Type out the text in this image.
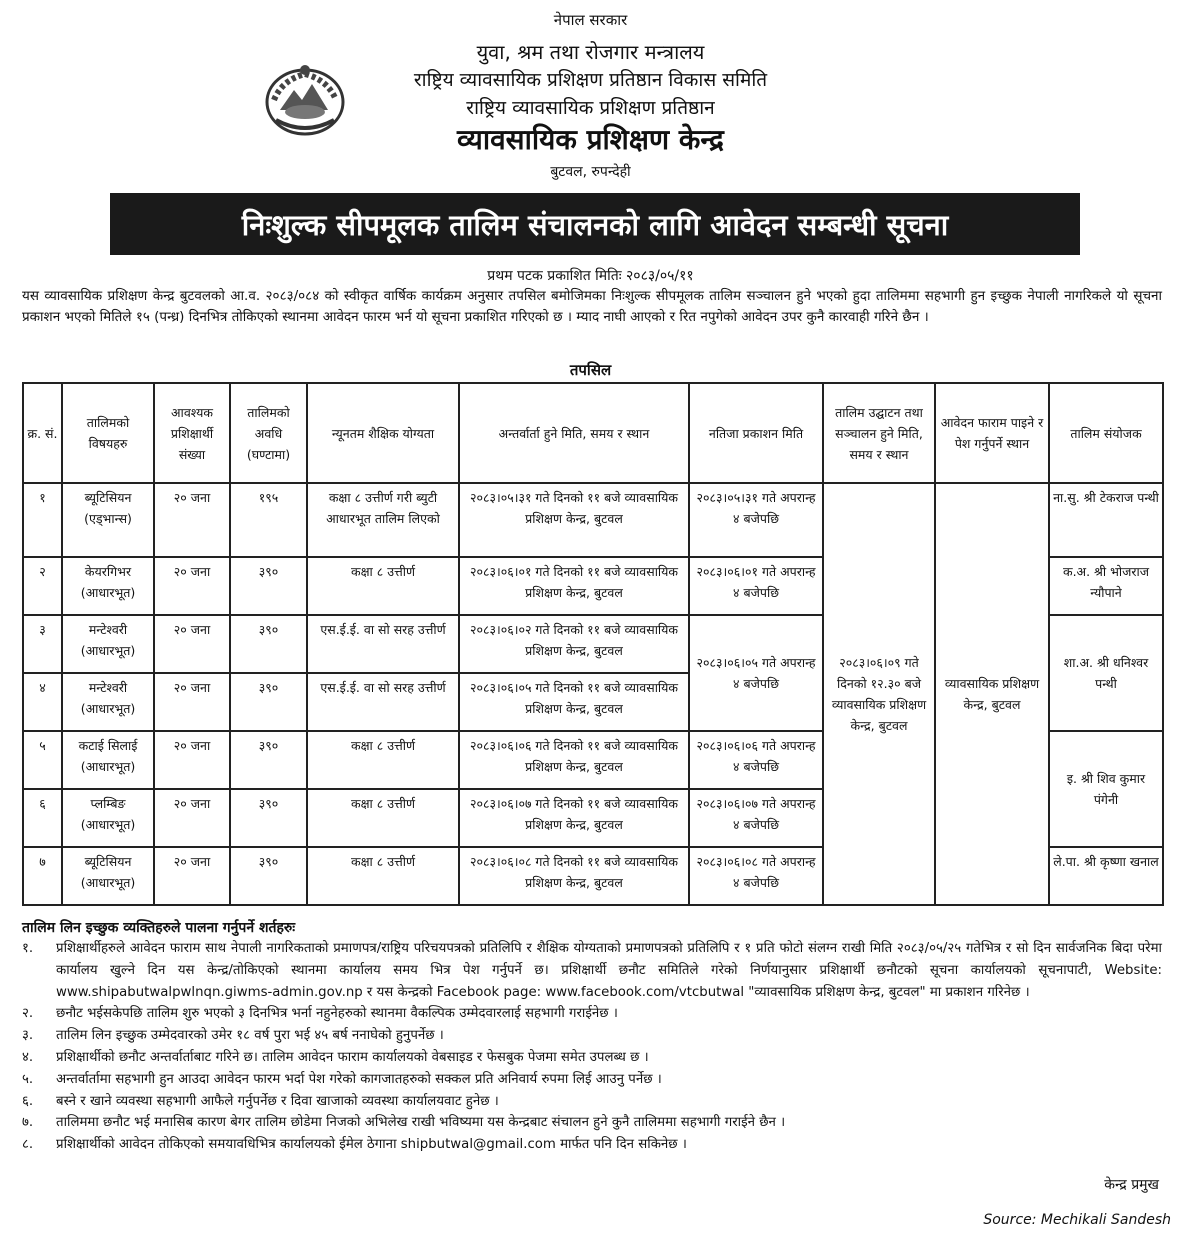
नेपाल सरकार
युवा, श्रम तथा रोजगार मन्त्रालय
राष्ट्रिय व्यावसायिक प्रशिक्षण प्रतिष्ठान विकास समिति
राष्ट्रिय व्यावसायिक प्रशिक्षण प्रतिष्ठान
व्यावसायिक प्रशिक्षण केन्द्र
बुटवल, रुपन्देही
निःशुल्क सीपमूलक तालिम संचालनको लागि आवेदन सम्बन्धी सूचना
प्रथम पटक प्रकाशित मितिः २०८३/०५/११
यस व्यावसायिक प्रशिक्षण केन्द्र बुटवलको आ.व. २०८३/०८४ को स्वीकृत वार्षिक कार्यक्रम अनुसार तपसिल बमोजिमका निःशुल्क सीपमूलक तालिम सञ्चालन हुने भएको हुदा तालिममा सहभागी हुन इच्छुक नेपाली नागरिकले यो सूचना प्रकाशन भएको मितिले १५ (पन्ध्र) दिनभित्र तोकिएको स्थानमा आवेदन फारम भर्न यो सूचना प्रकाशित गरिएको छ । म्याद नाघी आएको र रित नपुगेको आवेदन उपर कुनै कारवाही गरिने छैन ।
तपसिल
क्र. सं.	तालिमको विषयहरु	आवश्यक प्रशिक्षार्थी संख्या	तालिमको अवधि (घण्टामा)	न्यूनतम शैक्षिक योग्यता	अन्तर्वार्ता हुने मिति, समय र स्थान	नतिजा प्रकाशन मिति	तालिम उद्घाटन तथा सञ्चालन हुने मिति, समय र स्थान	आवेदन फाराम पाइने र पेश गर्नुपर्ने स्थान	तालिम संयोजक
१	ब्यूटिसियन (एड्भान्स)	२० जना	१९५	कक्षा ८ उत्तीर्ण गरी ब्युटी आधारभूत तालिम लिएको	२०८३।०५।३१ गते दिनको ११ बजे व्यावसायिक प्रशिक्षण केन्द्र, बुटवल	२०८३।०५।३१ गते अपरान्ह ४ बजेपछि	२०८३।०६।०९ गते दिनको १२.३० बजे व्यावसायिक प्रशिक्षण केन्द्र, बुटवल	व्यावसायिक प्रशिक्षण केन्द्र, बुटवल	ना.सु. श्री टेकराज पन्थी
२	केयरगिभर (आधारभूत)	२० जना	३९०	कक्षा ८ उत्तीर्ण	२०८३।०६।०१ गते दिनको ११ बजे व्यावसायिक प्रशिक्षण केन्द्र, बुटवल	२०८३।०६।०१ गते अपरान्ह ४ बजेपछि			क.अ. श्री भोजराज न्यौपाने
३	मन्टेश्वरी (आधारभूत)	२० जना	३९०	एस.ई.ई. वा सो सरह उत्तीर्ण	२०८३।०६।०२ गते दिनको ११ बजे व्यावसायिक प्रशिक्षण केन्द्र, बुटवल	२०८३।०६।०५ गते अपरान्ह ४ बजेपछि			शा.अ. श्री धनिश्वर पन्थी
४	मन्टेश्वरी (आधारभूत)	२० जना	३९०	एस.ई.ई. वा सो सरह उत्तीर्ण	२०८३।०६।०५ गते दिनको ११ बजे व्यावसायिक प्रशिक्षण केन्द्र, बुटवल				
५	कटाई सिलाई (आधारभूत)	२० जना	३९०	कक्षा ८ उत्तीर्ण	२०८३।०६।०६ गते दिनको ११ बजे व्यावसायिक प्रशिक्षण केन्द्र, बुटवल	२०८३।०६।०६ गते अपरान्ह ४ बजेपछि			इ. श्री शिव कुमार पंगेनी
६	प्लम्बिङ (आधारभूत)	२० जना	३९०	कक्षा ८ उत्तीर्ण	२०८३।०६।०७ गते दिनको ११ बजे व्यावसायिक प्रशिक्षण केन्द्र, बुटवल	२०८३।०६।०७ गते अपरान्ह ४ बजेपछि			
७	ब्यूटिसियन (आधारभूत)	२० जना	३९०	कक्षा ८ उत्तीर्ण	२०८३।०६।०८ गते दिनको ११ बजे व्यावसायिक प्रशिक्षण केन्द्र, बुटवल	२०८३।०६।०८ गते अपरान्ह ४ बजेपछि			ले.पा. श्री कृष्णा खनाल
तालिम लिन इच्छुक व्यक्तिहरुले पालना गर्नुपर्ने शर्तहरुः
१.	प्रशिक्षार्थीहरुले आवेदन फाराम साथ नेपाली नागरिकताको प्रमाणपत्र/राष्ट्रिय परिचयपत्रको प्रतिलिपि र शैक्षिक योग्यताको प्रमाणपत्रको प्रतिलिपि र १ प्रति फोटो संलग्न राखी मिति २०८३/०५/२५ गतेभित्र र सो दिन सार्वजनिक बिदा परेमा कार्यालय खुल्ने दिन यस केन्द्र/तोकिएको स्थानमा कार्यालय समय भित्र पेश गर्नुपर्ने छ। प्रशिक्षार्थी छनौट समितिले गरेको निर्णयानुसार प्रशिक्षार्थी छनौटको सूचना कार्यालयको सूचनापाटी, Website: www.shipabutwalpwlnqn.giwms-admin.gov.np र यस केन्द्रको Facebook page: www.facebook.com/vtcbutwal "व्यावसायिक प्रशिक्षण केन्द्र, बुटवल" मा प्रकाशन गरिनेछ ।
२.	छनौट भईसकेपछि तालिम शुरु भएको ३ दिनभित्र भर्ना नहुनेहरुको स्थानमा वैकल्पिक उम्मेदवारलाई सहभागी गराईनेछ ।
३.	तालिम लिन इच्छुक उम्मेदवारको उमेर १८ वर्ष पुरा भई ४५ बर्ष ननाघेको हुनुपर्नेछ ।
४.	प्रशिक्षार्थीको छनौट अन्तर्वार्ताबाट गरिने छ। तालिम आवेदन फाराम कार्यालयको वेबसाइड र फेसबुक पेजमा समेत उपलब्ध छ ।
५.	अन्तर्वार्तामा सहभागी हुन आउदा आवेदन फारम भर्दा पेश गरेको कागजातहरुको सक्कल प्रति अनिवार्य रुपमा लिई आउनु पर्नेछ ।
६.	बस्ने र खाने व्यवस्था सहभागी आफैले गर्नुपर्नेछ र दिवा खाजाको व्यवस्था कार्यालयवाट हुनेछ ।
७.	तालिममा छनौट भई मनासिब कारण बेगर तालिम छोडेमा निजको अभिलेख राखी भविष्यमा यस केन्द्रबाट संचालन हुने कुनै तालिममा सहभागी गराईने छैन ।
८.	प्रशिक्षार्थीको आवेदन तोकिएको समयावधिभित्र कार्यालयको ईमेल ठेगाना shipbutwal@gmail.com मार्फत पनि दिन सकिनेछ ।
केन्द्र प्रमुख
Source: Mechikali Sandesh
